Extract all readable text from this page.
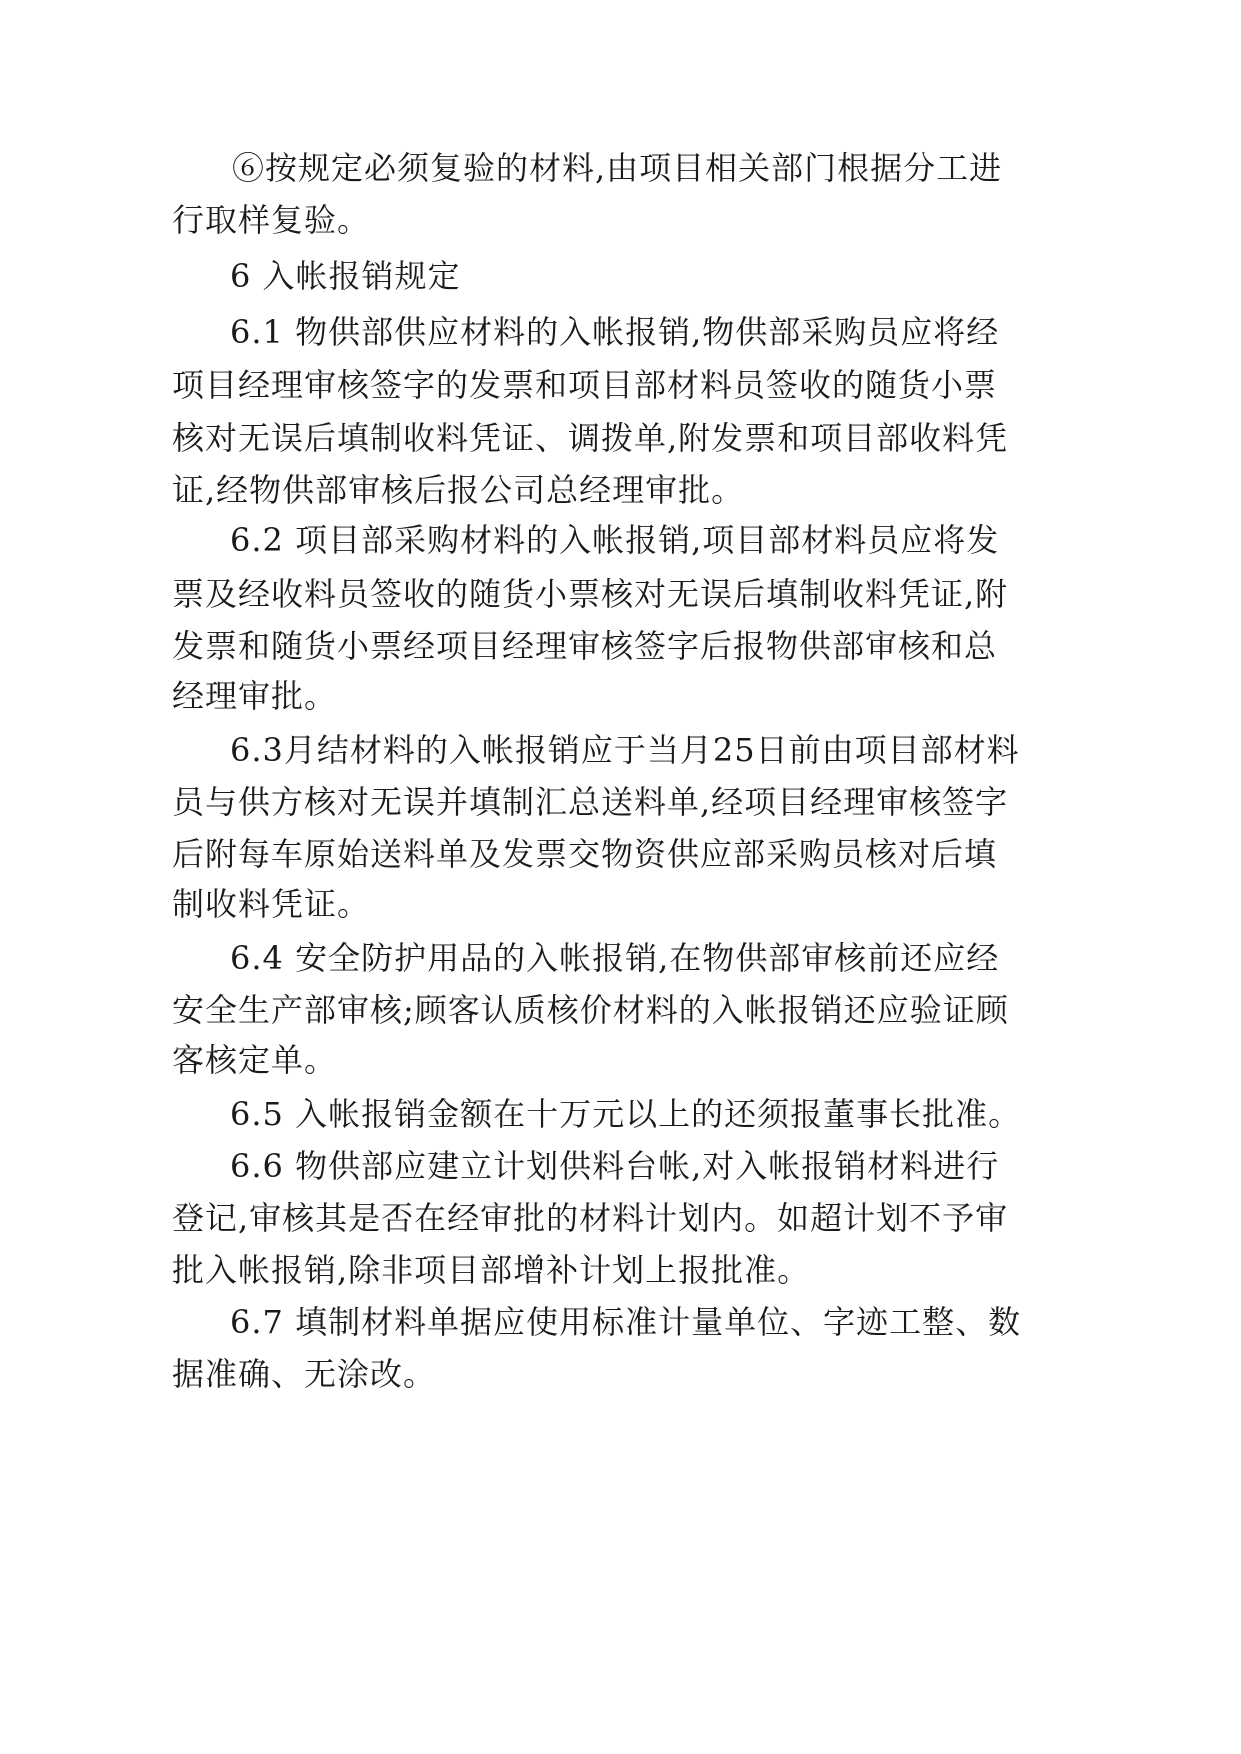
⑥按规定必须复验的材料,由项目相关部门根据分工进
行取样复验。
6 入帐报销规定
6.1 物供部供应材料的入帐报销,物供部采购员应将经
项目经理审核签字的发票和项目部材料员签收的随货小票
核对无误后填制收料凭证、调拨单,附发票和项目部收料凭
证,经物供部审核后报公司总经理审批。
6.2 项目部采购材料的入帐报销,项目部材料员应将发
票及经收料员签收的随货小票核对无误后填制收料凭证,附
发票和随货小票经项目经理审核签字后报物供部审核和总
经理审批。
6.3月结材料的入帐报销应于当月25日前由项目部材料
员与供方核对无误并填制汇总送料单,经项目经理审核签字
后附每车原始送料单及发票交物资供应部采购员核对后填
制收料凭证。
6.4 安全防护用品的入帐报销,在物供部审核前还应经
安全生产部审核;顾客认质核价材料的入帐报销还应验证顾
客核定单。
6.5 入帐报销金额在十万元以上的还须报董事长批准。
6.6 物供部应建立计划供料台帐,对入帐报销材料进行
登记,审核其是否在经审批的材料计划内。如超计划不予审
批入帐报销,除非项目部增补计划上报批准。
6.7 填制材料单据应使用标准计量单位、字迹工整、数
据准确、无涂改。
